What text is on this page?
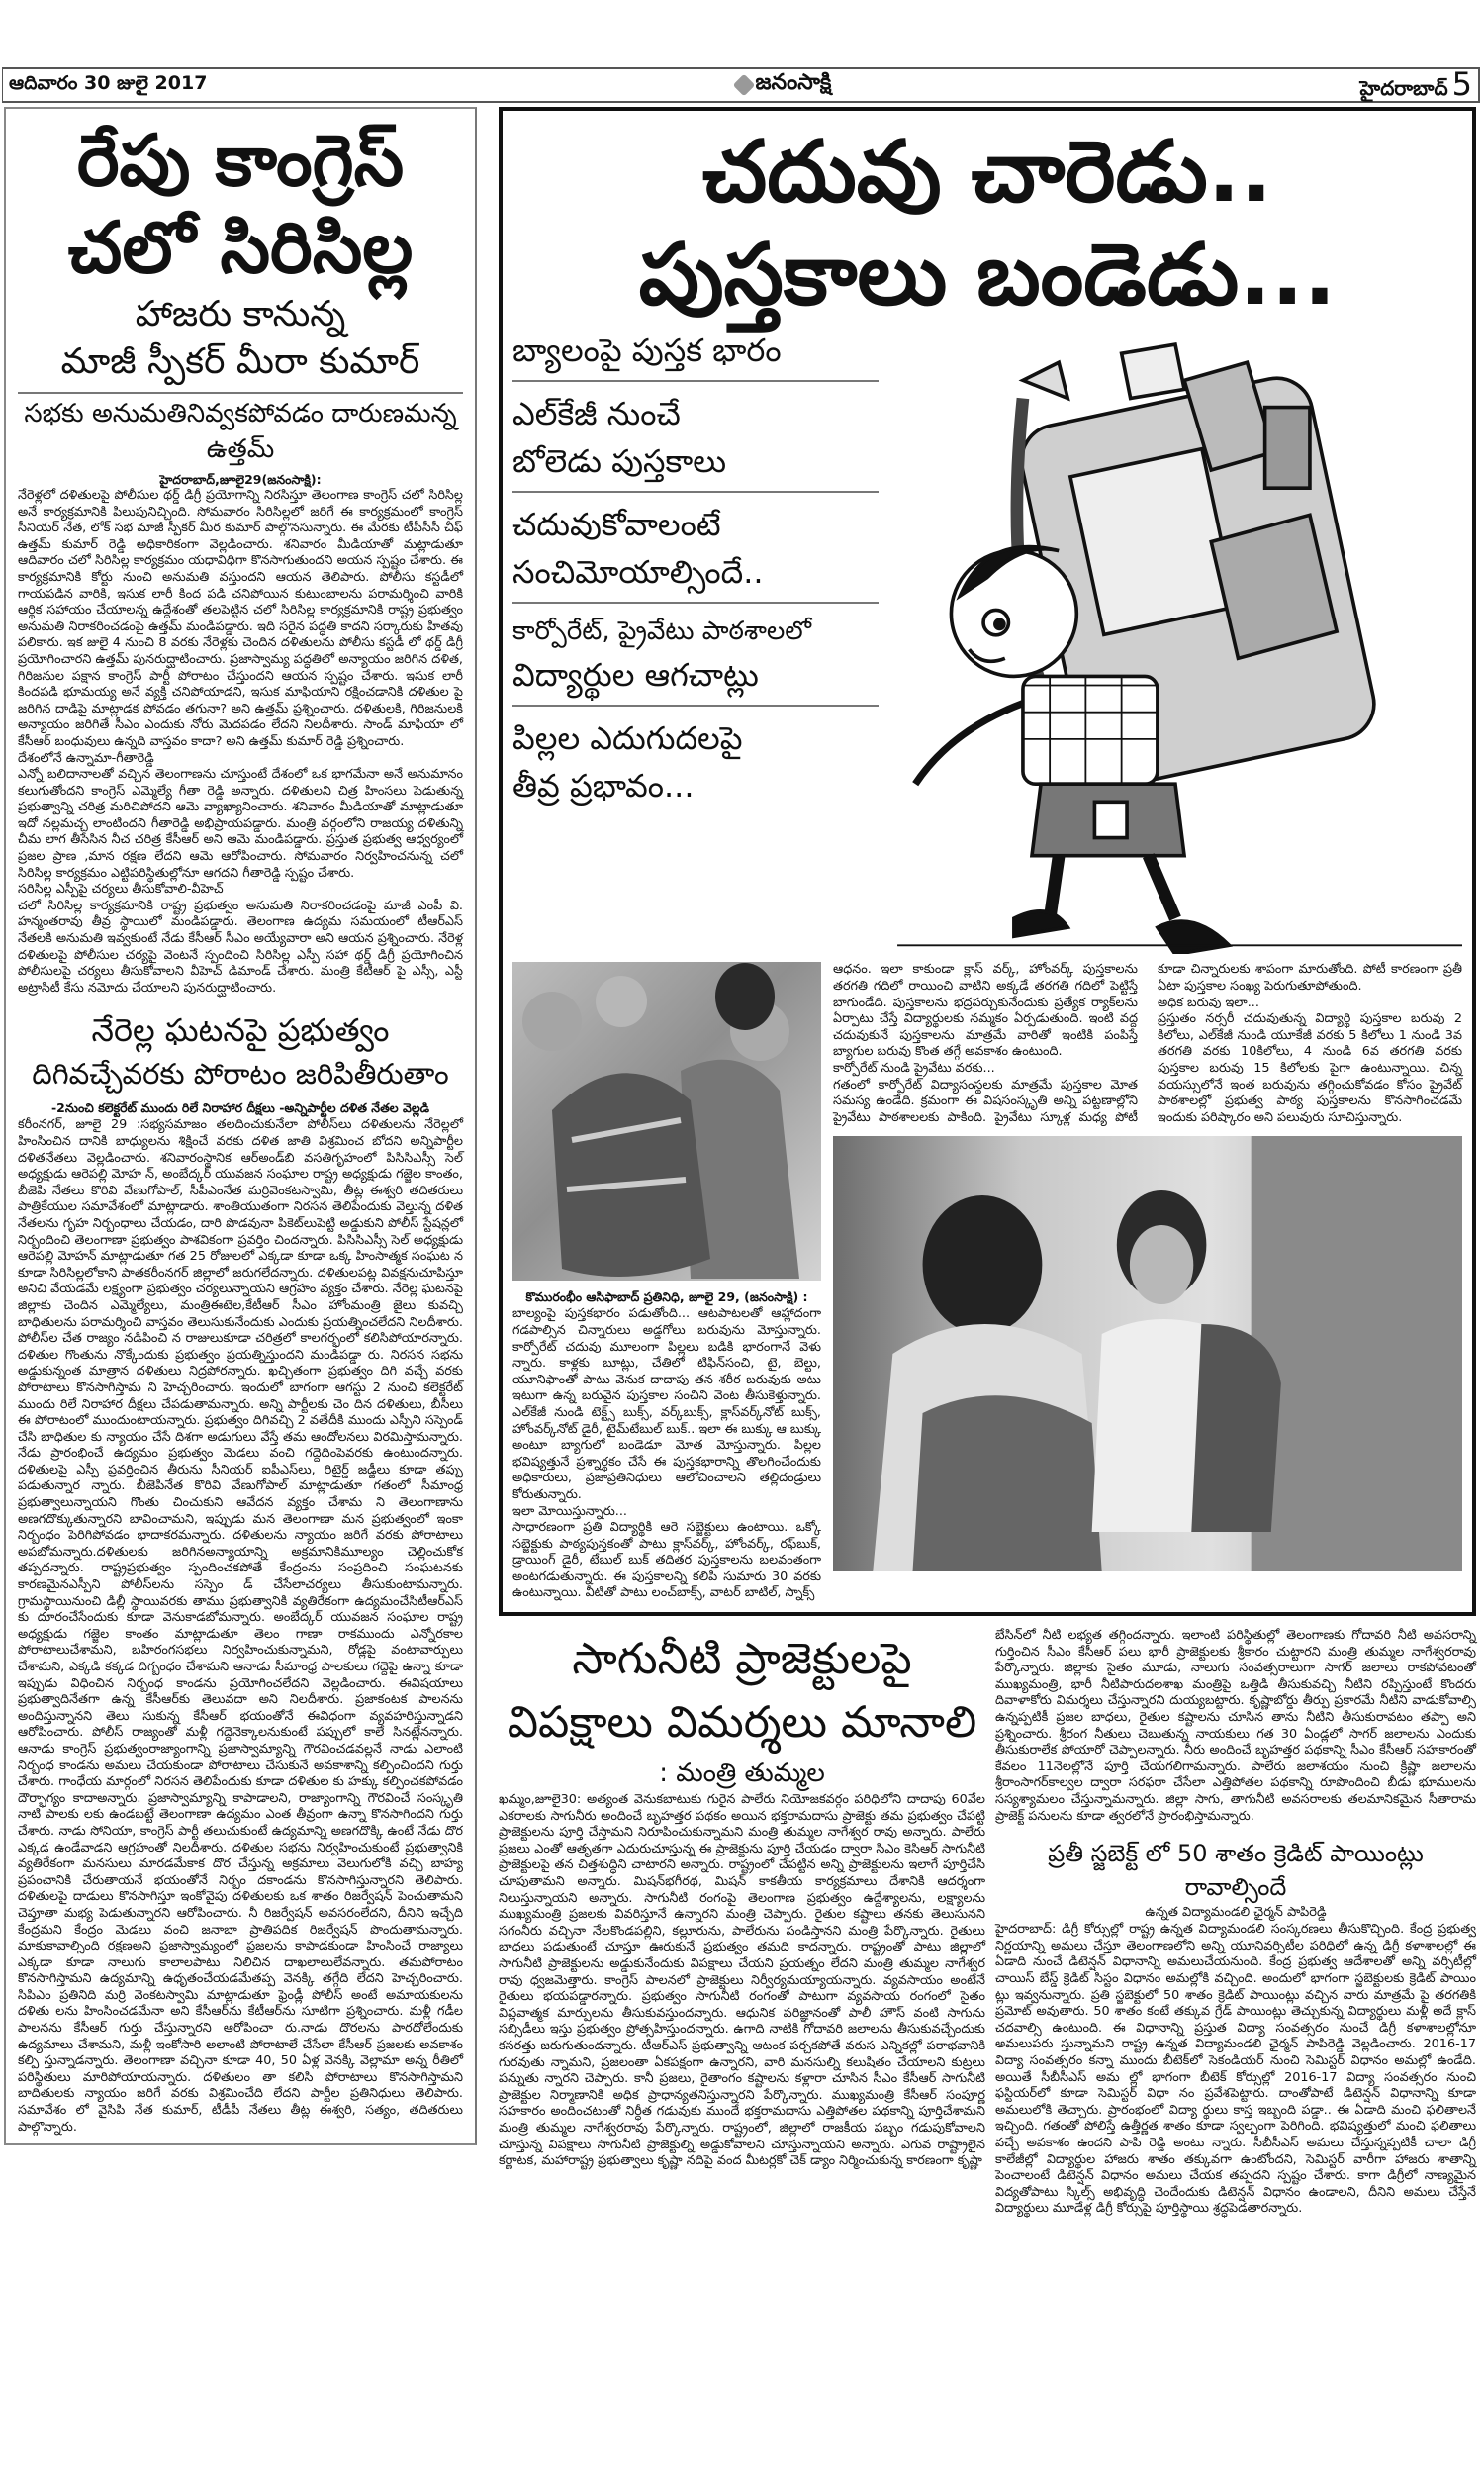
ఆదివారం 30 జులై 2017	జనంసాక్షి	హైదరాబాద్ 5
రేపు కాంగ్రెస్
చలో సిరిసిల్ల
హాజరు కానున్న
మాజీ స్పీకర్ మీరా కుమార్
సభకు అనుమతినివ్వకపోవడం దారుణమన్న ఉత్తమ్
హైదరాబాద్,జూలై29(జనంసాక్షి):

నేరెళ్లలో దళితులపై పోలీసుల థర్డ్ డిగ్రీ ప్రయోగాన్ని నిరసిస్తూ తెలంగాణ కాంగ్రెస్ చలో సిరిసిల్ల అనే కార్యక్రమానికి పిలుపునిచ్చింది. సోమవారం సిరిసిల్లలో జరిగే ఈ కార్యక్రమంలో కాంగ్రెస్ సీనియర్ నేత, లోక్ సభ మాజీ స్పీకర్ మీర కుమార్ పాల్గొనసున్నారు. ఈ మేరకు టీపీసీసీ చీఫ్ ఉత్తమ్ కుమార్ రెడ్డి అధికారికంగా వెల్లడించారు. శనివారం మీడియాతో మట్లాడుతూ ఆదివారం చలో సిరిసిల్ల కార్యక్రమం యధావిధిగా కొనసాగుతుందని అయన స్పష్టం చేశారు. ఈ కార్యక్రమానికి కోర్టు నుంచి అనుమతి వస్తుందని ఆయన తెలిపారు. పోలీసు కస్టడీలో గాయపడిన వారికి, ఇసుక లారీ కింద పడి చనిపోయిన కుటుంబాలను పరామర్శించి వారికి ఆర్థిక సహాయం చేయాలన్న ఉద్దేశంతో తలపెట్టిన చలో సిరిసిల్ల కార్యక్రమానికి రాష్ట్ర ప్రభుత్వం అనుమతి నిరాకరించడంపై ఉత్తమ్ మండిపడ్డారు. ఇది సరైన పద్ధతి కాదని సర్కారుకు హితవు పలికారు. ఇక జులై 4 నుంచి 8 వరకు నేరెళ్లకు చెందిన దళితులను పోలీసు కస్టడీ లో థర్డ్ డిగ్రీ ప్రయోగించారని ఉత్తమ్ పునరుద్ఘాటించారు. ప్రజాస్వామ్య పద్ధతిలో అన్యాయం జరిగిన దళిత, గిరిజనుల పక్షాన కాంగ్రెస్ పార్టీ పోరాటం చేస్తుందని ఆయన స్పష్టం చేశారు. ఇసుక లారీ కిందపడి భూమయ్య అనే వ్యక్తి చనిపోయాడని, ఇసుక మాఫియాని రక్షించడానికి దళితుల పై జరిగిన దాడిపై మాట్లాడక పోవడం తగునా? అని ఉత్తమ్ ప్రశ్నించారు. దళితులకి, గిరిజనులకి అన్యాయం జరిగితే సీఎం ఎందుకు నోరు మెదపడం లేదని నిలదీశారు. సాండ్ మాఫియా లో కేసీఆర్ బంధువులు ఉన్నది వాస్తవం కాదా? అని ఉత్తమ్ కుమార్ రెడ్డి ప్రశ్నించారు.

దేశంలోనే ఉన్నామా-గీతారెడ్డి

ఎన్నో బలిదానాలతో వచ్చిన తెలంగాణను చూస్తుంటే దేశంలో ఒక భాగమేనా అనే అనుమానం కలుగుతోందని కాంగ్రెస్ ఎమ్మెల్యే గీతా రెడ్డి అన్నారు. దళితులని చిత్ర హింసలు పెడుతున్న ప్రభుత్వాన్ని చరిత్ర మరిచిపోదని ఆమె వ్యాఖ్యానించారు. శనివారం మీడియాతో మాట్లాడుతూ ఇదో నల్లమచ్చ లాంటిందని గీతారెడ్డి అభిప్రాయపడ్డారు. మంత్రి వర్గంలోని రాజయ్య దళితున్ని చీమ లాగ తీసేసిన నీచ చరిత్ర కేసీఆర్ అని ఆమె మండిపడ్డారు. ప్రస్తుత ప్రభుత్వ ఆధ్వర్యంలో ప్రజల ప్రాణ ,మాన రక్షణ లేదని ఆమె ఆరోపించారు. సోమవారం నిర్వహించనున్న చలో సిరిసిల్ల కార్యక్రమం ఎట్టిపరిస్థితుల్లోనూ ఆగదని గీతారెడ్డి స్పష్టం చేశారు.

సరిసిల్ల ఎస్పీపై చర్యలు తీసుకోవాలి-వీహెచ్

చలో సిరిసిల్ల కార్యక్రమానికి రాష్ట్ర ప్రభుత్వం అనుమతి నిరాకరించడంపై మాజీ ఎంపీ వి. హన్మంతరావు తీవ్ర స్థాయిలో మండిపడ్డారు. తెలంగాణ ఉద్యమ సమయంలో టీఆర్ఎస్ నేతలకి అనుమతి ఇవ్వకుంటే నేడు కేసీఆర్ సీఎం అయ్యేవారా అని ఆయన ప్రశ్నించారు. నేరెళ్ల దళితులపై పోలీసుల చర్యపై వెంటనే స్పందించి సిరిసిల్ల ఎస్పీ సహా థర్డ్ డిగ్రీ ప్రయోగించిన పోలీసులపై చర్యలు తీసుకోవాలని వీహెచ్ డిమాండ్ చేశారు. మంత్రి కేటీఆర్ పై ఎస్సీ, ఎస్టీ అట్రాసిటీ కేసు నమోదు చేయాలని పునరుద్ఘాటించారు.

నేరెల్ల ఘటనపై ప్రభుత్వం
దిగివచ్చేవరకు పోరాటం జరిపితీరుతాం
-2నుంచి కలెక్టరేట్ ముందు రిలే నిరాహార దీక్షలు -అన్నిపార్టీల దళిత నేతల వెల్లడి

కరీంనగర్, జూలై 29 :సభ్యసమాజం తలదించుకునేలా పోలీస్‌లు దళితులను నేరెల్లలో హింసించిన దానికి బాధ్యులను శిక్షించే వరకు దళిత జాతి విశ్రమించ బోదని అన్నిపార్టీల దళితనేతలు వెల్లడించారు. శనివారంస్థానిక ఆర్అండ్‌బి వసతిగృహంలో పిసిసిఎస్సీ సెల్ అధ్యక్షుడు ఆరెపల్లి మోహ న్, అంబేద్కర్ యువజన సంఘాల రాష్ట్ర అధ్యక్షుడు గజ్జెల కాంతం, బీజెపి నేతలు కొరివి వేణుగోపాల్, సీపీఎంనేత మర్రివెంకటస్వామి, తీట్ల ఈశ్వరి తదితరులు పాత్రికేయుల సమావేశంలో మాట్లాడారు. శాంతియుతంగా నిరసన తెలిపేందుకు వెల్తున్న దళిత నేతలను గృహ నిర్బంధాలు చేయడం, దారి పొడవునా పికెట్‌లుపెట్టి అడ్డుకుని పోలీస్ స్టేషన్లలో నిర్బందించి తెలంగాణా ప్రభుత్వం పాశవికంగా ప్రవర్తిం చిందన్నారు. పిసిసిఎస్సీ సెల్ అధ్యక్షుడు ఆరెపల్లి మోహన్ మాట్లాడుతూ గత 25 రోజులలో ఎక్కడా కూడా ఒక్క హింసాత్మక సంఘట న కూడా సిరిసిల్లలోకాని పాతకరీంనగర్ జిల్లాలో జరుగలేదన్నారు. దళితులపట్ల వివక్షనుచూపిస్తూ అనిచి వేయడమే లక్ష్యంగా ప్రభుత్వం చర్యలున్నాయని ఆగ్రహం వ్యక్తం చేశారు. నేరెల్ల ఘటనపై జిల్లాకు చెందిన ఎమ్మెల్యేలు, మంత్రిఈటెల,కేటీఆర్ సీఎం హోంమంత్రి జైలు కువచ్చి బాధితులను పరామర్శించి వాస్తవం తెలుసుకునేందుకు ఎందుకు ప్రయత్నించలేదని నిలదీశారు. పోలీస్‌ల చేత రాజ్యం నడిపించి న రాజులుకూడా చరిత్రలో కాలగర్భంలో కలిసిపోయారన్నారు. దళితుల గొంతును నొక్కేందుకు ప్రభుత్వం ప్రయత్నిస్తుందని మండిపడ్డా రు. నిరసన సభను అడ్డుకున్నంత మాత్రాన దళితులు నిద్రపోరన్నారు. ఖచ్చితంగా ప్రభుత్వం దిగి వచ్చే వరకు పోరాటాలు కొనసాగిస్తామ ని హెచ్చరించారు. ఇందులో బాగంగా ఆగస్టు 2 నుంచి కలెక్టరేట్ ముందు రిలే నిరాహార దీక్షలు చేపడుతామన్నారు. అన్ని పార్టీలకు చెం దిన దళితులు, బీసీలు ఈ పోరాటంలో ముందుంటాయన్నారు. ప్రభుత్వం దిగివచ్చి 2 వతేదీకి ముందు ఎస్పీని సస్పెండ్ చేసి బాధితుల కు న్యాయం చేసే దిశగా అడుగులు వేస్తే తమ ఆందోలనలు విరమిస్తామన్నారు. నేడు ప్రారంభించే ఉద్యమం ప్రభుత్వం మెడలు వంచి గద్దెదింపెవరకు ఉంటుందన్నారు. దళితులపై ఎస్పీ ప్రవర్తించిన తీరును సీనియర్ ఐపీఎస్‌లు, రిటైర్డ్ జడ్జీలు కూడా తప్పు పడుతున్నార న్నారు. బీజెపినేత కొరివి వేణుగోపాల్ మాట్లాడుతూ గతంలో సీమాంధ్ర ప్రభుత్వాలున్నాయని గొంతు చించుకుని ఆవేదన వ్యక్తం చేశామ ని తెలంగాణాను అణగదొక్కుతున్నారని బావించామని, ఇప్పుడు మన తెలంగాణా మన ప్రభుత్వంలో ఇంకా నిర్బంధం పెరిగిపోవడం భాదాకరమన్నారు. దళితులను న్యాయం జరిగే వరకు పోరాటాలు అపబోమన్నారు.దళితులకు జరిగినఅన్యాయాన్ని అక్రమానికిమూల్యం చెల్లించుకోక తప్పదన్నారు. రాష్ట్రప్రభుత్వం స్పందించకపోతే కేంద్రంను సంప్రదించి సంఘటనకు కారణమైనఎస్పీని పోలీస్‌లను సస్పెం డ్ చేసేలాచర్యలు తీసుకుంటామన్నారు. గ్రామస్థాయినుంచి డిల్లీ స్థాయివరకు తాము ప్రభుత్వానికి వ్యతిరేకంగా ఉద్యమంచేసిటీఆర్ఎస్ కు దూరంచేసేందుకు కూడా వెనుకాడబోమన్నారు. అంబేద్కర్ యువజన సంఘాల రాష్ట్ర అధ్యక్షుడు గజ్జెల కాంతం మాట్లాడుతూ తెలం గాణా రాకముందు ఎన్నోరకాల పోరాటాలుచేశామని, బహిరంగసభలు నిర్వహించుకున్నామని, రోడ్లపై వంటావార్పులు చేశామని, ఎక్కడి కక్కడ దిగ్బంధం చేశామని ఆనాడు సీమాంధ్ర పాలకులు గద్దెపై ఉన్నా కూడా ఇప్పుడు విధించిన నిర్బంధ కాండను ప్రయోగించలేదని వెల్లడించారు. ఈవిషయాలు ప్రభుత్వాదినేతగా ఉన్న కేసీఆర్‌కు తెలువదా అని నిలదీశారు. ప్రజాకంటక పాలనను అందిస్తున్నానని తెలు సుకున్న కేసీఆర్ భయంతోనే ఈవిధంగా వ్యవహరిస్తున్నాడని ఆరోపించారు. పోలీస్ రాజ్యంతో మళ్లీ గద్దెనెక్కాలనుకుంటే పప్పులో కాలే సినట్లేనన్నారు. ఆనాడు కాంగ్రెస్ ప్రభుత్వంరాజ్యాంగాన్ని ప్రజాస్వామ్యాన్ని గౌరవించడవల్లనే నాడు ఎలాంటి నిర్బంధ కాండను అమలు చేయకుండా పోరాటాలు చేసుకునే అవకాశాన్ని కల్పించిందని గుర్తు చేశారు. గాంధేయ మార్గంలో నిరసన తెలిపేందుకు కూడా దళితుల కు హక్కు కల్పించకపోవడం దౌర్భాగ్యం కాదాఅన్నారు. ప్రజాస్వామ్యాన్ని కాపాడాలని, రాజ్యాంగాన్ని గౌరవించే సంస్కృతి నాటి పాలకు లకు ఉండబట్టే తెలంగాణా ఉద్యమం ఎంత తీవ్రంగా ఉన్నా కొనసాగిందని గుర్తు చేశారు. నాడు సోనియా, కాంగ్రెస్ పార్టీ తలుచుకుంటే ఉద్యమాన్ని అణగదొక్కి ఉంటే నేడు దొర ఎక్కడ ఉండేవాడని ఆగ్రహంతో నిలదీశారు. దళితుల సభను నిర్వహించుకుంటే ప్రభుత్వానికి వ్యతిరేకంగా మనసులు మారడమేకాక దొర చేస్తున్న అక్రమాలు వెలుగులోకి వచ్చి బాహ్య ప్రపంచానికి చేరుతాయనే భయంతోనే నిర్బం దకాండను కొనసాగిస్తున్నారని తెలిపారు. దళితులపై దాడులు కొనసాగిస్తూ ఇంకోవైపు దళితులకు ఒక శాతం రిజర్వేషన్ పెంచుతామని చెప్తూతా మభ్య పెడుతున్నారని ఆరోపించారు. నీ రిజర్వేషన్ అవసరంలేదని, దీనిని ఇచ్చేది కేంద్రమని కేంద్రం మెడలు వంచి జనాబా ప్రాతిపదిక రిజర్వేషన్ పొందుతామన్నారు. మాకుకావాల్సింది రక్షణఅని ప్రజాస్వామ్యంలో ప్రజలను కాపాడకుండా హింసించే రాజ్యాలు ఎక్కడా కూడా నాలుగు కాలాలపాటు నిలిచిన దాఖలాలులేవన్నారు. తమపోరాటం కొనసాగిస్తామని ఉద్యమాన్ని ఉధృతంచేయడమేతప్ప వెనక్కి తగ్గేది లేదని హెచ్చరించారు. సిపిఎం ప్రతినిది మర్రి వెంకటస్వామి మాట్లాడుతూ ఫ్రెండ్లీ పోలీస్ అంటే అమాయకులను దళితు లను హింసించడమేనా అని కేసీఆర్‌ను కేటీఆర్‌ను సూటిగా ప్రశ్నించారు. మళ్లీ గడీల పాలనను కేసీఆర్ గుర్తు చేస్తున్నారని ఆరోపించా రు.నాడు దొరలను పారదోలేందుకు ఉద్యమాలు చేశామని, మళ్లీ ఇంకోసారి అలాంటి పోరాటాలే చేసేలా కేసీఆర్ ప్రజలకు అవకాశం కల్పి స్తున్నాడన్నారు. తెలంగాణా వచ్చినా కూడా 40, 50 ఏళ్ల వెనక్కి వెల్లామా అన్న రీతిలో పరిస్థితులు మారిపోయాయన్నారు. దళితులం తా కలిసి పోరాటాలు కొనసాగిస్తామని బాదితులకు న్యాయం జరిగే వరకు విశ్రమించేది లేదని పార్టీల ప్రతినిధులు తెలిపారు. సమావేశం లో వైసిపి నేత కుమార్, టీడీపీ నేతలు తీట్ల ఈశ్వరి, సత్యం, తదితరులు పాల్గొన్నారు.

చదువు చారెడు..
పుస్తకాలు బండెడు...
బ్యాలంపై పుస్తక భారం
ఎల్‌కేజీ నుంచే
బోలెడు పుస్తకాలు
చదువుకోవాలంటే
సంచిమోయాల్సిందే..
కార్పోరేట్, ప్రైవేటు పాఠశాలలో
విద్యార్థుల ఆగచాట్లు
పిల్లల ఎదుగుదలపై
తీవ్ర ప్రభావం...
కొమురంభీం ఆసిఫాబాద్ ప్రతినిధి, జూలై 29, (జనంసాక్షి) :

బాల్యంపై పుస్తకభారం పడుతోంది... ఆటపాటలతో ఆహ్లాదంగా గడపాల్సిన చిన్నారులు అడ్డగోలు బరువును మోస్తున్నారు. కార్పోరేట్ చదువు మూలంగా పిల్లలు బడికి భారంగానే వెళు న్నారు. కాళ్లకు బూట్లు, చేతిలో టిఫిన్‌సంచి, టై, బెల్టు, యూనిఫాంతో పాటు వెనుక దాదాపు తన శరీర బరువుకు అటు ఇటుగా ఉన్న బరువైన పుస్తకాల సంచిని వెంట తీసుకెళ్తున్నారు. ఎల్‌కేజీ నుండి టెక్ట్స్ బుక్స్, వర్క్‌బుక్స్, క్లాస్‌వర్క్‌నోట్ బుక్స్, హోంవర్క్‌నోట్ డైరీ, టైమ్‌టేబుల్ బుక్.. ఇలా ఈ బుక్కు ఆ బుక్కు అంటూ బ్యాగులో బండెడూ మోత మోస్తున్నారు. పిల్లల భవిష్యత్తునే ప్రశ్నార్థకం చేసే ఈ పుస్తకభారాన్ని తొలగించేందుకు అధికారులు, ప్రజాప్రతినిధులు ఆలోచించాలని తల్లిదండ్రులు కోరుతున్నారు.

ఇలా మోయిస్తున్నారు...

సాధారణంగా ప్రతి విద్యార్థికి ఆరె సబ్జెక్టులు ఉంటాయి. ఒక్కో సబ్జెక్టుకు పాఠ్యపుస్తకంతో పాటు క్లాస్‌వర్క్, హోంవర్క్, రఫ్‌బుక్, డ్రాయింగ్ డైరీ, టేబుల్ బుక్ తదితర పుస్తకాలను బలవంతంగా అంటగడుతున్నారు. ఈ పుస్తకాలన్ని కలిపి సుమారు 30 వరకు ఉంటున్నాయి. వీటితో పాటు లంచ్‌బాక్స్, వాటర్ బాటిల్, స్నాక్స్

ఆధనం. ఇలా కాకుండా క్లాస్ వర్క్, హోంవర్క్ పుస్తకాలను తరగతి గదిలో రాయించి వాటిని అక్కడే తరగతి గదిలో పెట్టిస్తే బాగుండేది. పుస్తకాలను భద్రపర్చుకునేందుకు ప్రత్యేక ర్యాక్‌లను ఏర్పాటు చేస్తే విద్యార్థులకు నమ్మకం ఏర్పడుతుంది. ఇంటి వద్ద చదువుకునే పుస్తకాలను మాత్రమే వారితో ఇంటికి పంపిస్తే బ్యాగుల బరువు కొంత తగ్గే అవకాశం ఉంటుంది.

కార్పోరేట్ నుండి ప్రైవేటు వరకు...

గతంలో కార్పోరేట్ విద్యాసంస్థలకు మాత్రమే పుస్తకాల మోత సమస్య ఉండేది. క్రమంగా ఈ విషసంస్కృతి అన్ని పట్టణాల్లోని ప్రైవేటు పాఠశాలలకు పాకింది. ప్రైవేటు స్కూళ్ల మధ్య పోటీ కూడా చిన్నారులకు శాపంగా మారుతోంది. పోటీ కారణంగా ప్రతీ ఏటా పుస్తకాల సంఖ్య పెరుగుతూపోతుంది.

అధిక బరువు ఇలా...

ప్రస్తుతం నర్సరీ చదువుతున్న విద్యార్థి పుస్తకాల బరువు 2 కిలోలు, ఎల్‌కేజీ నుండి యూకేజీ వరకు 5 కిలోలు 1 నుండి 3వ తరగతి వరకు 10కిలోలు, 4 నుండి 6వ తరగతి వరకు పుస్తకాల బరువు 15 కిలోలకు పైగా ఉంటున్నాయి. చిన్న వయస్సులోనే ఇంత బరువును తగ్గించుకోవడం కోసం ప్రైవేట్ పాఠశాలల్లో ప్రభుత్వ పాఠ్య పుస్తకాలను కొనసాగించడమే ఇందుకు పరిష్కారం అని పలువురు సూచిస్తున్నారు.

సాగునీటి ప్రాజెక్టులపై
విపక్షాలు విమర్శలు మానాలి
: మంత్రి తుమ్మల

ఖమ్మం,జూలై30: అత్యంత వెనుకబాటుకు గురైన పాలేరు నియోజకవర్గం పరిధిలోని దాదాపు 60వేల ఎకరాలకు సాగునీరు అందించే బృహత్తర పథకం అయిన భక్తరామదాసు ప్రాజెక్టు తమ ప్రభుత్వం చేపట్టి ప్రాజెక్టులను పూర్తి చేస్తామని నిరూపించుకున్నామని మంత్రి తుమ్మల నాగేశ్వర రావు అన్నారు. పాలేరు ప్రజలు ఎంతో ఆతృతగా ఎదురుచూస్తున్న ఈ ప్రాజెక్టును పూర్తి చేయడం ద్వారా సిఎం కెసిఆర్ సాగునీటి ప్రాజెక్టులపై తన చిత్తశుద్ధిని చాటారని అన్నారు. రాష్ట్రంలో చేపట్టిన అన్ని ప్రాజెక్టులను ఇలాగే పూర్తిచేసి చూపుతామని అన్నారు. మిషన్‌భగీరథ, మిషన్ కాకతీయ కార్యక్రమాలు దేశానికి ఆదర్శంగా నిలుస్తున్నాయని అన్నారు. సాగునీటి రంగంపై తెలంగాణ ప్రభుత్వం ఉద్దేశ్యాలను, లక్ష్యాలను ముఖ్యమంత్రి ప్రజలకు వివరిస్తూనే ఉన్నారని మంత్రి చెప్పారు. రైతుల కష్టాలు తనకు తెలుసునని సగంనీరు వచ్చినా నేలకొండపల్లిని, కల్లూరును, పాలేరును పండిస్తానని మంత్రి పేర్కొన్నారు. రైతులు బాధలు పడుతుంటే చూస్తూ ఊరుకునే ప్రభుత్వం తమది కాదన్నారు. రాష్ట్రంతో పాటు జిల్లాలో సాగునీటి ప్రాజెక్టులను అడ్డుకునేందుకు విపక్షాలు చేయని ప్రయత్నం లేదని మంత్రి తుమ్మల నాగేశ్వర రావు ధ్వజమెత్తారు. కాంగ్రెస్ పాలనలో ప్రాజెక్టులు నిర్వీర్యమయ్యాయన్నారు. వ్యవసాయం అంటేనే రైతులు భయపడ్డారన్నారు. ప్రభుత్వం సాగునీటి రంగంతో పాటుగా వ్యవసాయ రంగంలో సైతం విప్లవాత్మక మార్పులను తీసుకువస్తుందన్నారు. ఆధునిక పరిజ్ఞానంతో పాలీ హౌస్ వంటి సాగును సబ్సిడీలు ఇస్తు ప్రభుత్వం ప్రోత్సహిస్తుందన్నారు. ఉగాది నాటికి గోదావరి జలాలను తీసుకువచ్చేందుకు కసరత్తు జరుగుతుందన్నారు. టీఆర్ఎస్ ప్రభుత్వాన్ని ఆటంక పర్చకపోతే వరుస ఎన్నికల్లో పరాభవానికి గురవుతు న్నామని, ప్రజలంతా ఏకపక్షంగా ఉన్నారని, వారి మనసుల్ని కలుషితం చేయాలని కుట్రలు పన్నుతు న్నారని చెప్పారు. కానీ ప్రజలు, రైతాంగం కష్టాలను కళ్లారా చూసిన సీఎం కేసీఆర్ సాగునీటి ప్రాజెక్టుల నిర్మాణానికి అధిక ప్రాధాన్యతనిస్తున్నారని పేర్కొన్నారు. ముఖ్యమంత్రి కేసీఆర్ సంపూర్ణ సహకారం అందించటంతో నిర్ధీత గడువుకు ముందే భక్తరామదాసు ఎత్తిపోతల పథకాన్ని పూర్తిచేశామని మంత్రి తుమ్మల నాగేశ్వరరావు పేర్కొన్నారు. రాష్ట్రంలో, జిల్లాలో రాజకీయ పబ్బం గడుపుకోవాలని చూస్తున్న విపక్షాలు సాగునీటి ప్రాజెక్టుల్ని అడ్డుకోవాలని చూస్తున్నాయని అన్నారు. ఎగువ రాష్ట్రాలైన కర్ణాటక, మహారాష్ట్ర ప్రభుత్వాలు కృష్ణా నదిపై వంద మీటర్లకో చెక్ డ్యాం నిర్మించుకున్న కారణంగా కృష్ణా

బేసిన్‌లో నీటి లభ్యత తగ్గిందన్నారు. ఇలాంటి పరిస్థితుల్లో తెలంగాణకు గోదావరి నీటి అవసరాన్ని గుర్తించిన సీఎం కేసీఆర్ పలు భారీ ప్రాజెక్టులకు శ్రీకారం చుట్టారని మంత్రి తుమ్మల నాగేశ్వరరావు పేర్కొన్నారు. జిల్లాకు సైతం మూడు, నాలుగు సంవత్సరాలుగా సాగర్ జలాలు రాకపోవటంతో ముఖ్యమంత్రి, భారీ నీటిపారుదలశాఖ మంత్రిపై ఒత్తిడి తీసుకువచ్చి నీటిని రప్పిస్తుంటే కొందరు దివాళాకోరు విమర్శలు చేస్తున్నారని దుయ్యబట్టారు. కృష్ణాబోర్డు తీర్పు ప్రకారమే నీటిని వాడుకోవాల్సి ఉన్నప్పటికీ ప్రజల బాధలు, రైతుల కష్టాలను చూసిన తాను నీటిని తీసుకురావటం తప్పా అని ప్రశ్నించారు. శ్రీరంగ నీతులు చెబుతున్న నాయకులు గత 30 ఏండ్లలో సాగర్ జలాలను ఎందుకు తీసుకురాలేక పోయారో చెప్పాలన్నారు. నీరు అందించే బృహత్తర పథకాన్ని సీఎం కేసీఆర్ సహకారంతో కేవలం 11నెలల్లోనే పూర్తి చేయగలిగామన్నారు. పాలేరు జలాశయం నుంచి క్రిష్ణా జలాలను శ్రీరాంసాగర్‌కాల్వల ద్వారా సరఫరా చేసేలా ఎత్తిపోతల పథకాన్ని రూపొందించి బీడు భూములను సస్యశ్యామలం చేస్తున్నామన్నారు. జిల్లా సాగు, తాగునీటి అవసరాలకు తలమానికమైన సీతారామ ప్రాజెక్ట్ పనులను కూడా త్వరలోనే ప్రారంభిస్తామన్నారు.

ప్రతీ స్జబెక్ట్ లో 50 శాతం క్రెడిట్ పాయింట్లు రావాల్సిందే
ఉన్నత విద్యామండలి ఛైర్మన్ పాపిరెడ్డి

హైదరాబాద్: డిగ్రీ కోర్సుల్లో రాష్ట్ర ఉన్నత విద్యామండలి సంస్కరణలు తీసుకొచ్చింది. కేంద్ర ప్రభుత్వ నిర్ణయాన్ని అమలు చేస్తూ తెలంగాణలోని అన్ని యూనివర్సిటీల పరిధిలో ఉన్న డిగ్రీ కళాశాలల్లో ఈ ఏడాది నుంచే డిటెన్షన్ విధానాన్ని అమలుచేయనుంది. కేంద్ర ప్రభుత్వ ఆదేశాలతో అన్ని వర్సిటీల్లో చాయిస్ బేస్డ్ క్రెడిట్ సిస్టం విధానం అమల్లోకి వచ్చింది. అందులో భాగంగా స్జబెక్టులకు క్రెడిట్ పాయిం ట్లు ఇవ్వనున్నారు. ప్రతి స్జబెక్టులో 50 శాతం క్రెడిట్ పాయింట్లు వచ్చిన వారు మాత్రమే పై తరగతికి ప్రమోట్ అవుతారు. 50 శాతం కంటే తక్కువ గ్రేడ్ పాయింట్లు తెచ్చుకున్న విద్యార్థులు మళ్లీ అదే క్లాస్ చదవాల్సి ఉంటుంది. ఈ విధానాన్ని ప్రస్తుత విద్యా సంవత్సరం నుంచే డిగ్రీ కళాశాలల్లోనూ అమలుపరు స్తున్నామని రాష్ట్ర ఉన్నత విద్యామండలి ఛైర్మన్ పాపిరెడ్డి వెల్లడించారు. 2016-17 విద్యా సంవత్సరం కన్నా ముందు బీటెక్‌లో సెకండియర్ నుంచి సెమిస్టర్ విధానం అమల్లో ఉండేది. అయితే సీబీసీఎస్ అమ ల్లో భాగంగా బీటెక్ కోర్సుల్లో 2016-17 విద్యా సంవత్సరం నుంచి ఫస్టియర్‌లో కూడా సెమిస్టర్ విధా నం ప్రవేశపెట్టారు. దాంతోపాటే డిటెన్షన్ విధానాన్ని కూడా అమలులోకి తెచ్చారు. ప్రారంభంలో విద్యా ర్థులు కాస్త ఇబ్బంది పడ్డా.. ఈ ఏడాది మంచి ఫలితాలనే ఇచ్చింది. గతంతో పోలిస్తే ఉత్తీర్ణత శాతం కూడా స్వల్పంగా పెరిగింది. భవిష్యత్తులో మంచి ఫలితాలు వచ్చే అవకాశం ఉందని పాపి రెడ్డి అంటు న్నారు. సీబీసీఎస్ అమలు చేస్తున్నప్పటికీ చాలా డిగ్రీ కాలేజీల్లో విద్యార్థుల హాజరు శాతం తక్కువగా ఉంటోందని, సెమిస్టర్ వారీగా హాజరు శాతాన్ని పెంచాలంటే డిటెన్షన్ విధానం అమలు చేయక తప్పదని స్పష్టం చేశారు. కాగా డిగ్రీలో నాణ్యమైన విద్యతోపాటు స్కిల్స్ అభివృద్ధి చెందేందుకు డిటెన్షన్ విధానం ఉండాలని, దీనిని అమలు చేస్తేనే విద్యార్థులు మూడేళ్ల డిగ్రీ కోర్సుపై పూర్తిస్థాయి శ్రద్ధపెడతారన్నారు.
